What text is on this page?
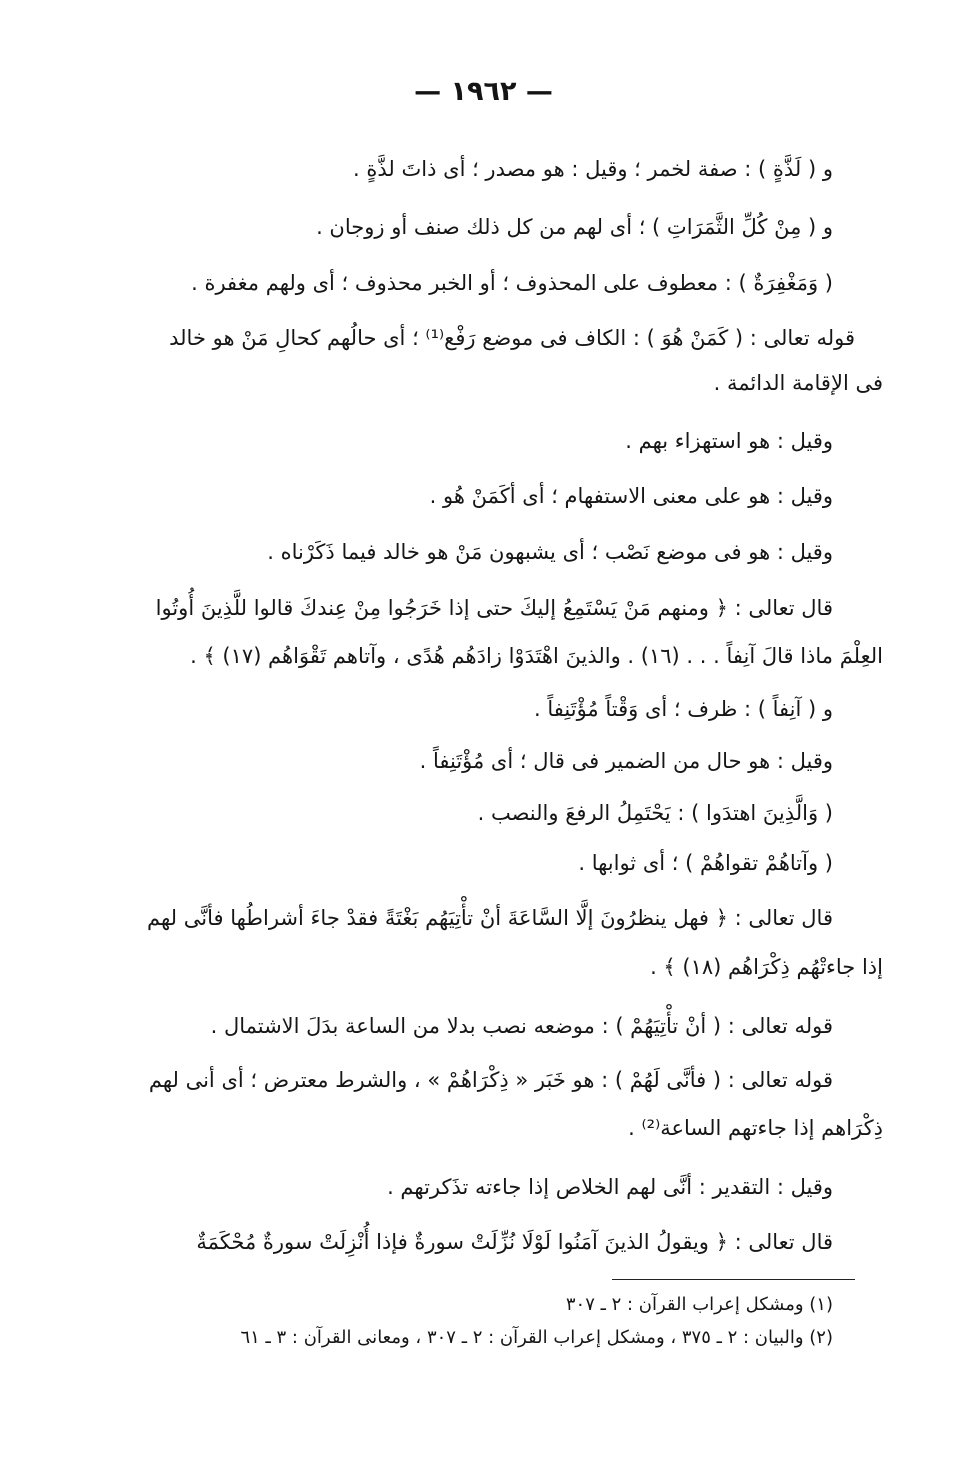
— ١٩٦٢ —
و ( لَذَّةٍ ) : صفة لخمر ؛ وقيل : هو مصدر ؛ أى ذاتَ لذَّةٍ .
و ( مِنْ كُلِّ الثَّمَرَاتِ ) ؛ أى لهم من كل ذلك صنف أو زوجان .
( وَمَغْفِرَةٌ ) : معطوف على المحذوف ؛ أو الخبر محذوف ؛ أى ولهم مغفرة .
قوله تعالى : ( كَمَنْ هُوَ ) : الكاف فى موضع رَفْع⁽¹⁾ ؛ أى حالُهم كحالِ مَنْ هو خالد
فى الإقامة الدائمة .
وقيل : هو استهزاء بهم .
وقيل : هو على معنى الاستفهام ؛ أى أكَمَنْ هُو .
وقيل : هو فى موضع نَصْب ؛ أى يشبهون مَنْ هو خالد فيما ذَكَرْناه .
قال تعالى : ﴿ ومنهم مَنْ يَسْتَمِعُ إليكَ حتى إذا خَرَجُوا مِنْ عِندكَ قالوا للَّذِينَ أُوتُوا
العِلْمَ ماذا قالَ آنِفاً . . . (١٦) . والذينَ اهْتَدَوْا زادَهُم هُدًى ، وآتاهم تَقْوَاهُم (١٧) ﴾ .
و ( آنِفاً ) : ظرف ؛ أى وَقْتاً مُؤْتَنِفاً .
وقيل : هو حال من الضمير فى قال ؛ أى مُؤْتَنِفاً .
( وَالَّذِينَ اهتدَوا ) : يَحْتَمِلُ الرفعَ والنصب .
( وآتاهُمْ تقواهُمْ ) ؛ أى ثوابها .
قال تعالى : ﴿ فهل ينظرُونَ إلَّا السَّاعَةَ أنْ تأْتِيَهُم بَغْتَةً فقدْ جاءَ أشراطُها فأنَّى لهم
إذا جاءتْهُم ذِكْرَاهُم (١٨) ﴾ .
قوله تعالى : ( أنْ تأْتِيَهُمْ ) : موضعه نصب بدلا من الساعة بدَلَ الاشتمال .
قوله تعالى : ( فأنَّى لَهُمْ ) : هو خَبَر « ذِكْرَاهُمْ » ، والشرط معترض ؛ أى أنى لهم
ذِكْرَاهم إذا جاءتهم الساعة⁽²⁾ .
وقيل : التقدير : أنَّى لهم الخلاص إذا جاءته تذَكرتهم .
قال تعالى : ﴿ ويقولُ الذينَ آمَنُوا لَوْلَا نُزِّلَتْ سورةٌ فإذا أُنْزِلَتْ سورةٌ مُحْكَمَةٌ
(١) ومشكل إعراب القرآن : ٢ ـ ٣٠٧
(٢) والبيان : ٢ ـ ٣٧٥ ، ومشكل إعراب القرآن : ٢ ـ ٣٠٧ ، ومعانى القرآن : ٣ ـ ٦١
